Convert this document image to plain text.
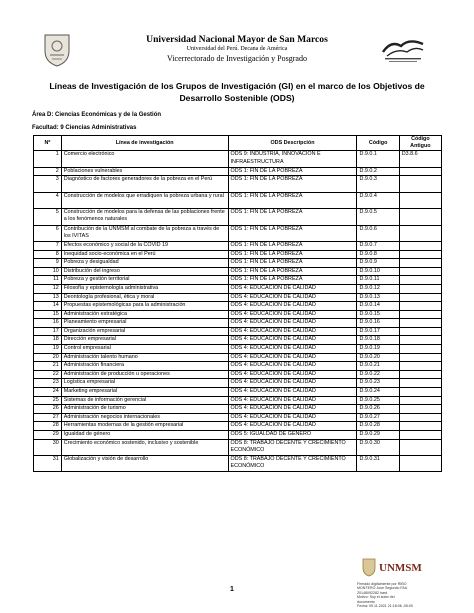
Universidad Nacional Mayor de San Marcos
Universidad del Perú. Decana de América
Vicerrectorado de Investigación y Posgrado
Líneas de Investigación de los Grupos de Investigación (GI) en el marco de los Objetivos de Desarrollo Sostenible (ODS)
Área D: Ciencias Económicas y de la Gestión
Facultad: 9 Ciencias Administrativas
Nº	Línea de investigación	ODS Descripción	Código	Código Antiguo
1	Comercio electrónico	ODS 9: INDUSTRIA, INNOVACIÓN E INFRAESTRUCTURA	D.9.0.1	D3.8.6
2	Poblaciones vulnerables	ODS 1: FIN DE LA POBREZA	D.9.0.2	
3	Diagnóstico de factores generadores de la pobreza en el Perú	ODS 1: FIN DE LA POBREZA	D.9.0.3	
4	Construcción de modelos que erradiquen la pobreza urbana y rural	ODS 1: FIN DE LA POBREZA	D.9.0.4	
5	Construcción de modelos para la defensa de las poblaciones frente a los fenómenos naturales	ODS 1: FIN DE LA POBREZA	D.9.0.5	
6	Contribución de la UNMSM al combate de la pobreza a través de los IVITAS	ODS 1: FIN DE LA POBREZA	D.9.0.6	
7	Efectos económico y social de la COVID 19	ODS 1: FIN DE LA POBREZA	D.9.0.7	
8	Inequidad socio-económica en el Perú	ODS 1: FIN DE LA POBREZA	D.9.0.8	
9	Pobreza y desigualdad	ODS 1: FIN DE LA POBREZA	D.9.0.9	
10	Distribución del ingreso	ODS 1: FIN DE LA POBREZA	D.9.0.10	
11	Pobreza y gestión territorial	ODS 1: FIN DE LA POBREZA	D.9.0.11	
12	Filosofía y epistemología administrativa	ODS 4: EDUCACIÓN DE CALIDAD	D.9.0.12	
13	Deontología profesional, ética y moral	ODS 4: EDUCACIÓN DE CALIDAD	D.9.0.13	
14	Propuestas epistemológicas para la administración	ODS 4: EDUCACIÓN DE CALIDAD	D.9.0.14	
15	Administración estratégica	ODS 4: EDUCACIÓN DE CALIDAD	D.9.0.15	
16	Planeamiento empresarial	ODS 4: EDUCACIÓN DE CALIDAD	D.9.0.16	
17	Organización empresarial	ODS 4: EDUCACIÓN DE CALIDAD	D.9.0.17	
18	Dirección empresarial	ODS 4: EDUCACIÓN DE CALIDAD	D.9.0.18	
19	Control empresarial	ODS 4: EDUCACIÓN DE CALIDAD	D.9.0.19	
20	Administración talento humano	ODS 4: EDUCACIÓN DE CALIDAD	D.9.0.20	
21	Administración financiera	ODS 4: EDUCACIÓN DE CALIDAD	D.9.0.21	
22	Administración de producción u operaciones	ODS 4: EDUCACIÓN DE CALIDAD	D.9.0.22	
23	Logística empresarial	ODS 4: EDUCACIÓN DE CALIDAD	D.9.0.23	
24	Marketing empresarial	ODS 4: EDUCACIÓN DE CALIDAD	D.9.0.24	
25	Sistemas de información gerencial	ODS 4: EDUCACIÓN DE CALIDAD	D.9.0.25	
26	Administración de turismo	ODS 4: EDUCACIÓN DE CALIDAD	D.9.0.26	
27	Administración negocios internacionales	ODS 4: EDUCACIÓN DE CALIDAD	D.9.0.27	
28	Herramientas modernas de la gestión empresarial	ODS 4: EDUCACIÓN DE CALIDAD	D.9.0.28	
29	Igualdad de género	ODS 5: IGUALDAD DE GÉNERO	D.9.0.29	
30	Crecimiento económico sostenido, inclusivo y sostenible	ODS 8: TRABAJO DECENTE Y CRECIMIENTO ECONÓMICO	D.9.0.30	
31	Globalización y visión de desarrollo	ODS 8: TRABAJO DECENTE Y CRECIMIENTO ECONÓMICO	D.9.0.31	
1
UNMSM
Firmado digitalmente por RIBO
MONTERO Jose Segundo FAU
20148092282 hard
Motivo: Soy el autor del
documento
Fecha: 09.11.2021 21:18:06 -05:00
